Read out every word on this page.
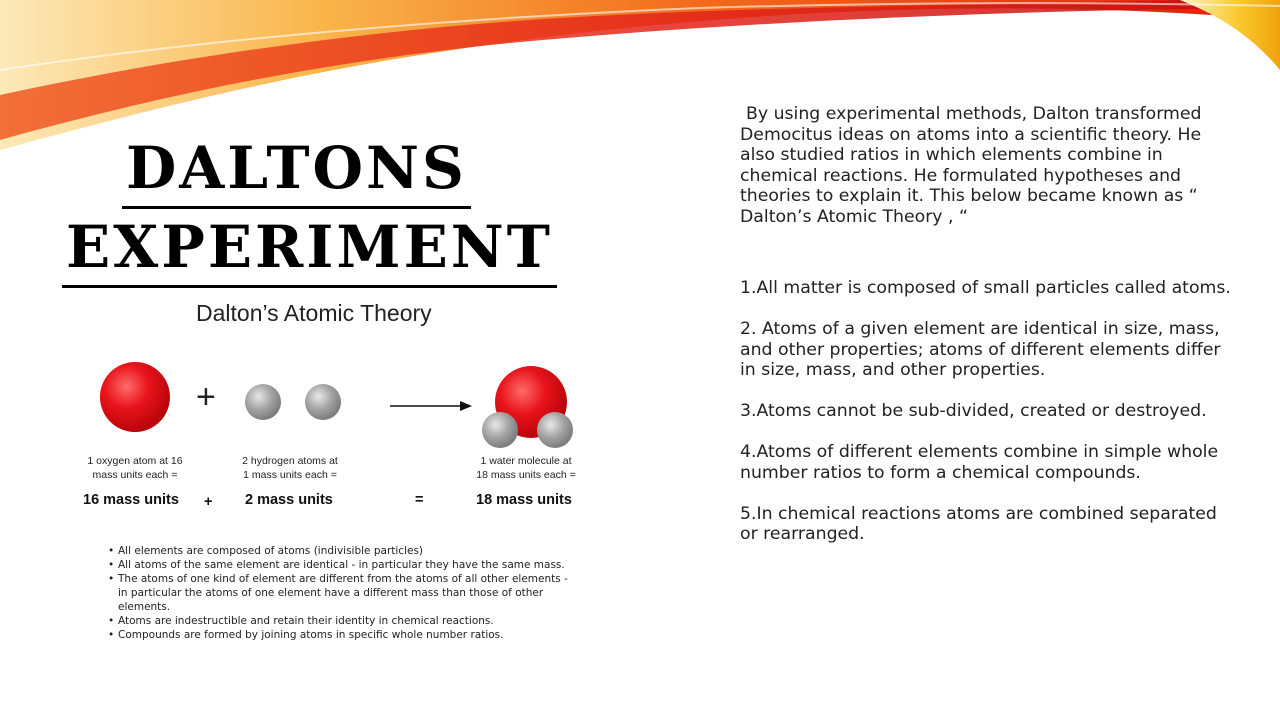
DALTONS
EXPERIMENT
Dalton’s Atomic Theory
+
1 oxygen atom at 16
mass units each =
2 hydrogen atoms at
1 mass units each =
1 water molecule at
18 mass units each =
16 mass units + 2 mass units	=	18 mass units
• All elements are composed of atoms (indivisible particles)
• All atoms of the same element are identical - in particular they have the same mass.
• The atoms of one kind of element are different from the atoms of all other elements - in particular the atoms of one element have a different mass than those of other elements.
• Atoms are indestructible and retain their identity in chemical reactions.
• Compounds are formed by joining atoms in specific whole number ratios.

By using experimental methods, Dalton transformed Democitus ideas on atoms into a scientific theory. He also studied ratios in which elements combine in chemical reactions. He formulated hypotheses and theories to explain it. This below became known as “ Dalton’s Atomic Theory , “

1.All matter is composed of small particles called atoms.

2. Atoms of a given element are identical in size, mass, and other properties; atoms of different elements differ in size, mass, and other properties.

3.Atoms cannot be sub-divided, created or destroyed.

4.Atoms of different elements combine in simple whole number ratios to form a chemical compounds.

5.In chemical reactions atoms are combined separated or rearranged.
